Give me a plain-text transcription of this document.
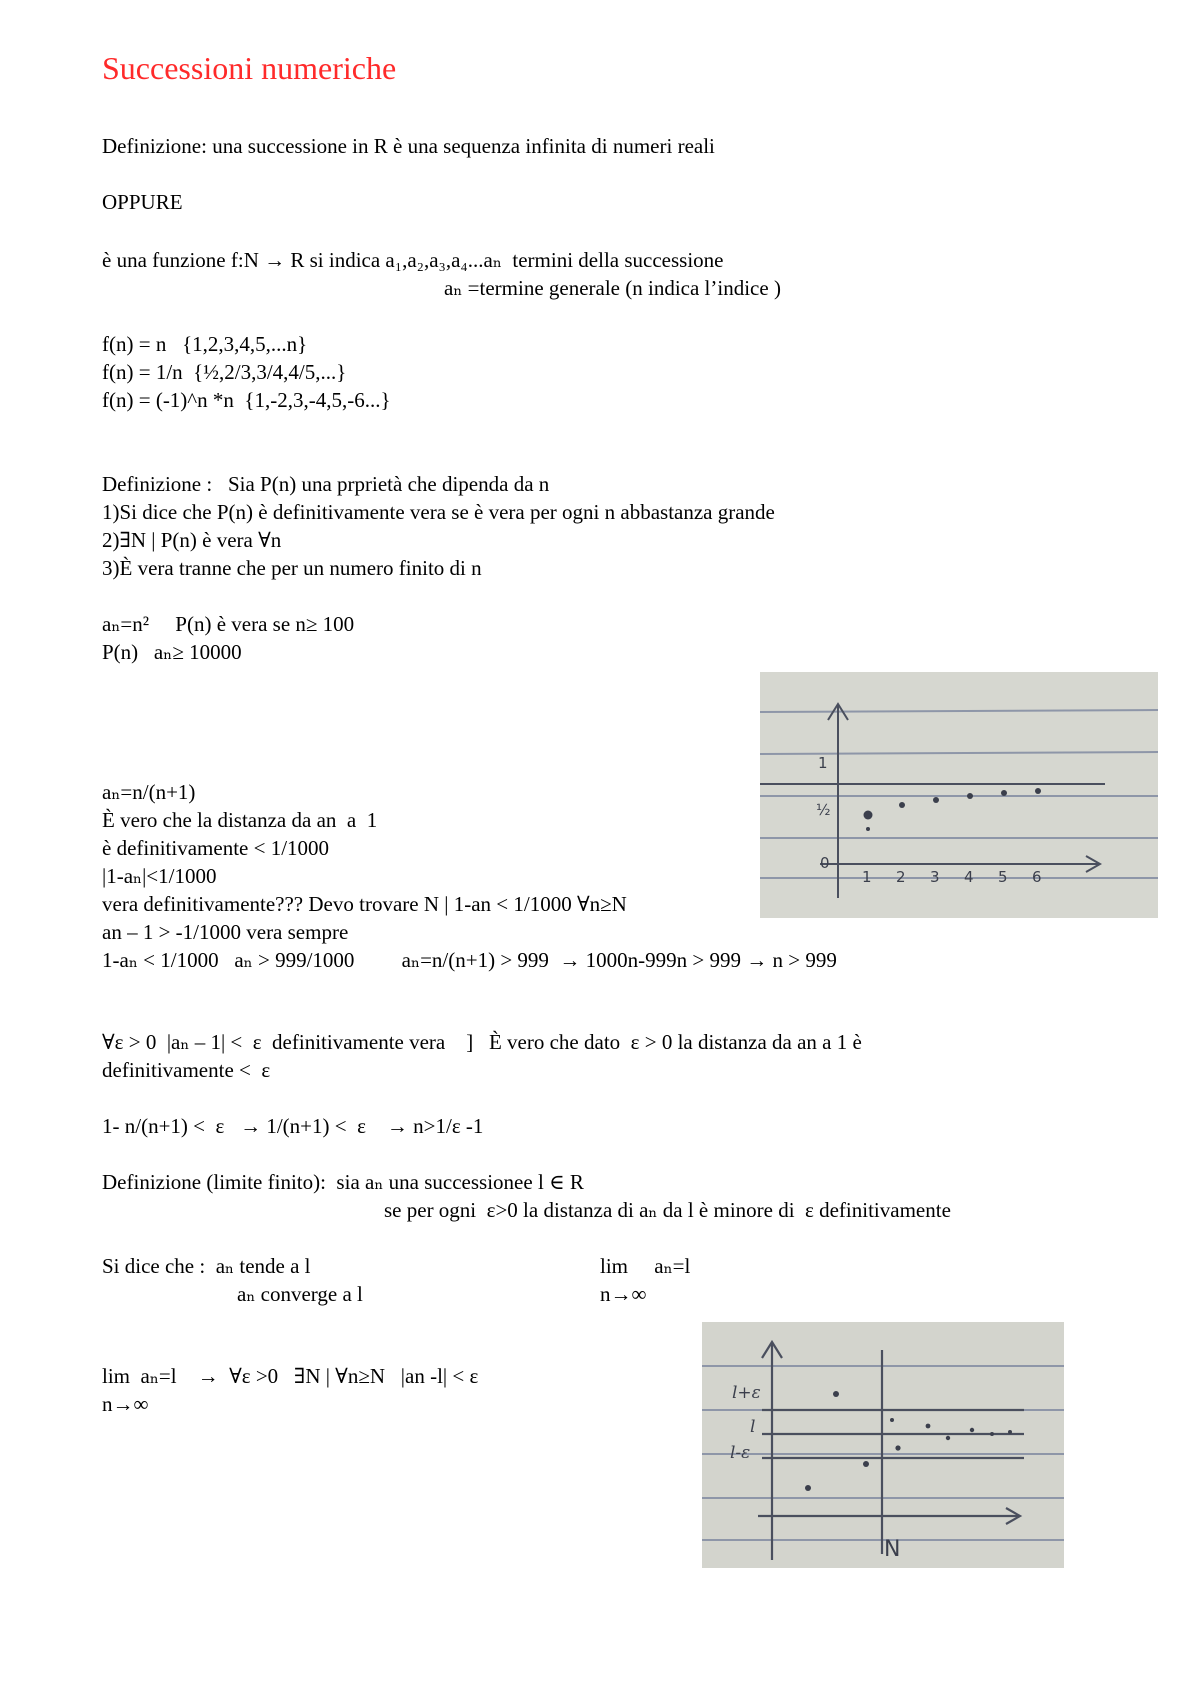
Successioni numeriche
Definizione: una successione in R è una sequenza infinita di numeri reali
OPPURE
è una funzione f:N → R si indica a₁,a₂,a₃,a₄...aₙ  termini della successione
aₙ =termine generale (n indica l’indice )
f(n) = n   {1,2,3,4,5,...n}
f(n) = 1/n  {½,2/3,3/4,4/5,...}
f(n) = (-1)^n *n  {1,-2,3,-4,5,-6...}
Definizione :   Sia P(n) una prprietà che dipenda da n
1)Si dice che P(n) è definitivamente vera se è vera per ogni n abbastanza grande
2)∃N | P(n) è vera ∀n
3)È vera tranne che per un numero finito di n
aₙ=n²     P(n) è vera se n≥ 100
P(n)   aₙ≥ 10000
aₙ=n/(n+1)
È vero che la distanza da an  a  1
è definitivamente < 1/1000
|1-aₙ|<1/1000
vera definitivamente??? Devo trovare N | 1-an < 1/1000 ∀n≥N
an – 1 > -1/1000 vera sempre
1-aₙ < 1/1000   aₙ > 999/1000         aₙ=n/(n+1) > 999  → 1000n-999n > 999 → n > 999
∀ε > 0  |aₙ – 1| <  ε  definitivamente vera    ]   È vero che dato  ε > 0 la distanza da an a 1 è
definitivamente <  ε
1- n/(n+1) <  ε   → 1/(n+1) <  ε    → n>1/ε -1
Definizione (limite finito):  sia aₙ una successionee l ∈ R
se per ogni  ε>0 la distanza di aₙ da l è minore di  ε definitivamente
Si dice che :  aₙ tende a l
aₙ converge a l
lim     aₙ=l
n→∞
lim  aₙ=l    →  ∀ε >0   ∃N | ∀n≥N   |an -l| < ε
n→∞
1
½
0
1 2 3 4 5 6
l+ε
l
l-ε
N
